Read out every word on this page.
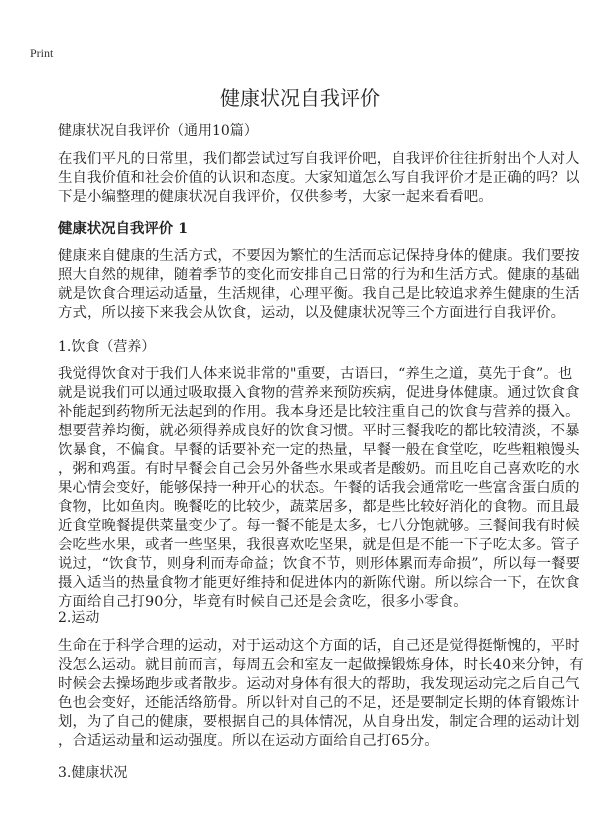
Print
健康状况自我评价
健康状况自我评价（通用10篇）
在我们平凡的日常里，我们都尝试过写自我评价吧，自我评价往往折射出个人对人
生自我价值和社会价值的认识和态度。大家知道怎么写自我评价才是正确的吗？以
下是小编整理的健康状况自我评价，仅供参考，大家一起来看看吧。
健康状况自我评价 1
健康来自健康的生活方式，不要因为繁忙的生活而忘记保持身体的健康。我们要按
照大自然的规律，随着季节的变化而安排自己日常的行为和生活方式。健康的基础
就是饮食合理运动适量，生活规律，心理平衡。我自己是比较追求养生健康的生活
方式，所以接下来我会从饮食，运动，以及健康状况等三个方面进行自我评价。
1.饮食（营养）
我觉得饮食对于我们人体来说非常的"重要，古语曰，“养生之道，莫先于食”。也
就是说我们可以通过吸取摄入食物的营养来预防疾病，促进身体健康。通过饮食食
补能起到药物所无法起到的作用。我本身还是比较注重自己的饮食与营养的摄入。
想要营养均衡，就必须得养成良好的饮食习惯。平时三餐我吃的都比较清淡，不暴
饮暴食，不偏食。早餐的话要补充一定的热量，早餐一般在食堂吃，吃些粗粮馒头
，粥和鸡蛋。有时早餐会自己会另外备些水果或者是酸奶。而且吃自己喜欢吃的水
果心情会变好，能够保持一种开心的状态。午餐的话我会通常吃一些富含蛋白质的
食物，比如鱼肉。晚餐吃的比较少，蔬菜居多，都是些比较好消化的食物。而且最
近食堂晚餐提供菜量变少了。每一餐不能是太多，七八分饱就够。三餐间我有时候
会吃些水果，或者一些坚果，我很喜欢吃坚果，就是但是不能一下子吃太多。管子
说过，“饮食节，则身利而寿命益；饮食不节，则形体累而寿命损”，所以每一餐要
摄入适当的热量食物才能更好维持和促进体内的新陈代谢。所以综合一下，在饮食
方面给自己打90分，毕竟有时候自己还是会贪吃，很多小零食。
2.运动
生命在于科学合理的运动，对于运动这个方面的话，自己还是觉得挺惭愧的，平时
没怎么运动。就目前而言，每周五会和室友一起做操锻炼身体，时长40来分钟，有
时候会去操场跑步或者散步。运动对身体有很大的帮助，我发现运动完之后自己气
色也会变好，还能活络筋骨。所以针对自己的不足，还是要制定长期的体育锻炼计
划，为了自己的健康，要根据自己的具体情况，从自身出发，制定合理的运动计划
，合适运动量和运动强度。所以在运动方面给自己打65分。
3.健康状况
